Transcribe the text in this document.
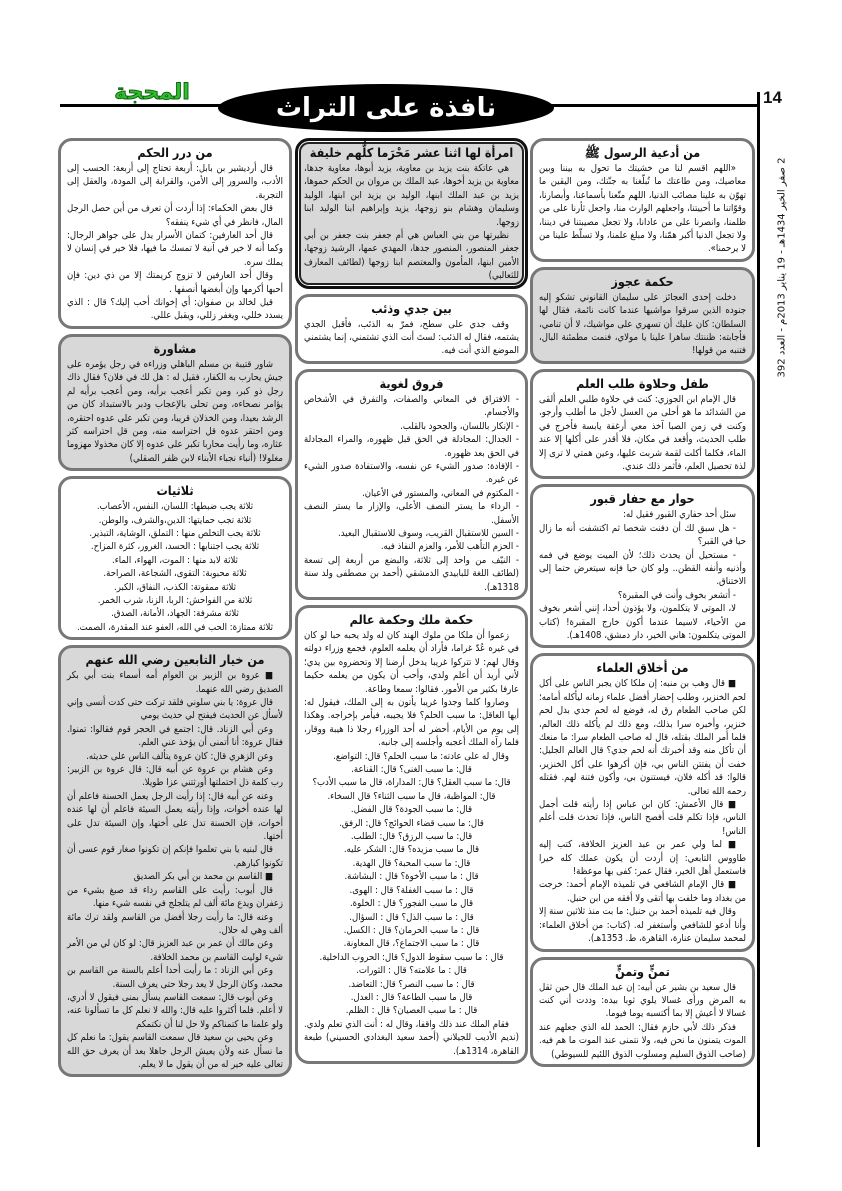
14
2 صفر الخير 1434هـ - 19 يناير 2013م - العدد 392
نافذة على التراث
المحجة
من أدعية الرسول ﷺ

«اللهم اقسم لنا من خشيتك ما تحول به بيننا وبين معاصيك، ومن طاعتك ما تُبلّغنا به جنّتك، ومن اليقين ما تهوّن به علينا مصائب الدنيا، اللهم متّعنا بأسماعنا، وأبصارنا، وقوّاتنا ما أحييتنا، واجعلهم الوارث منا، واجعل ثأرنا على من ظلمنا، وانصرنا على من عادانا، ولا تجعل مصيبتنا في ديننا، ولا تجعل الدنيا أكبر همّنا، ولا مبلغ علمنا، ولا تسلّط علينا من لا يرحمنا».

حكمة عجوز

دخلت إحدى العجائز على سليمان القانوني تشكو إليه جنوده الذين سرقوا مواشيها عندما كانت نائمة، فقال لها السلطان: كان عليك أن تسهري على مواشيك، لا أن تنامي، فأجابته: ظننتك ساهرا علينا يا مولاي، فنمت مطمئنة البال، فتنبه من قولها!

طفل وحلاوة طلب العلم

قال الإمام ابن الجوزي: كنت في حلاوة طلبي العلم ألقى من الشدائد ما هو أحلى من العسل لأجل ما أطلب وأرجو، وكنت في زمن الصبا آخذ معي أرغفة يابسة فأخرج في طلب الحديث، وأقعد في مكان، فلا أقدر على أكلها إلا عند الماء، فكلما أكلت لقمة شربت عليها، وعين همتي لا ترى إلا لذة تحصيل العلم، فأثمر ذلك عندي.

حوار مع حفار قبور

سئل أحد حفاري القبور فقيل له:

- هل سبق لك أن دفنت شخصا ثم اكتشفت أنه ما زال حيا في القبر؟

- مستحيل أن يحدث ذلك؛ لأن الميت يوضع في فمه وأذنيه وأنفه القطن.. ولو كان حيا فإنه سيتعرض حتما إلى الاختناق.

- أتشعر بخوف وأنت في المقبرة؟

لا، الموتى لا يتكلمون، ولا يؤذون أحدا، إنني أشعر بخوف من الأحياء، لاسيما عندما أكون خارج المقبرة! (كتاب الموتى يتكلمون: هاني الخير، دار دمشق، 1408هـ).

من أخلاق العلماء

■ قال وهب بن منبه: إن ملكا كان يجبر الناس على أكل لحم الخنزير، وطلب إحضار أفضل علماء زمانه ليأكله أمامه؛ لكن صاحب الطعام رق له، فوضع له لحم جدي بدل لحم خنزير، وأخبره سرا بذلك، ومع ذلك لم يأكله ذلك العالم، فلما أمر الملك بقتله، قال له صاحب الطعام سرا: ما منعك أن تأكل منه وقد أخبرتك أنه لحم جدي؟ قال العالم الجليل: خفت أن يفتتن الناس بي، فإن أكرهوا على أكل الخنزير، قالوا: قد أكله فلان، فيستنون بي، وأكون فتنة لهم. فقتله رحمه الله تعالى.

■ قال الأعمش: كان ابن عباس إذا رأيته قلت أجمل الناس، فإذا تكلم قلت أفصح الناس، فإذا تحدث قلت أعلم الناس!

■ لما ولي عمر بن عبد العزيز الخلافة، كتب إليه طاووس التابعي: إن أردت أن يكون عملك كله خيرا فاستعمل أهل الخير، فقال عمر: كفى بها موعظة!

■ قال الإمام الشافعي في تلميذه الإمام أحمد: خرجت من بغداد وما خلفت بها أتقى ولا أفقه من ابن حنبل.

وقال فيه تلميذه أحمد بن حنبل: ما بت منذ ثلاثين سنة إلا وأنا أدعو للشافعي وأستغفر له. (كتاب: من أخلاق العلماء: لمحمد سليمان عنارة، القاهرة، ط. 1353هـ).

تمنٍّ وتمنٍّ

قال سعيد بن بشير عن أبيه: إن عبد الملك قال حين ثقل به المرض ورأى غسالا يلوي ثوبا بيده: وددت أني كنت غسالا لا أعيش إلا بما أكتسبه يوما فيوما.

فذكر ذلك لأبي حازم فقال: الحمد لله الذي جعلهم عند الموت يتمنون ما نحن فيه، ولا نتمنى عند الموت ما هم فيه. (صاحب الذوق السليم ومسلوب الذوق اللئيم للسيوطي)

امرأة لها اثنا عشر مَحْرَما كلُّهم خليفة

هي عاتكة بنت يزيد بن معاوية، يزيد أبوها، معاوية جدها، معاوية بن يزيد أخوها، عبد الملك بن مروان بن الحكم حموها، يزيد بن عبد الملك ابنها، الوليد بن يزيد ابن ابنها، الوليد وسليمان وهشام بنو زوجها، يزيد وإبراهيم ابنا الوليد ابنا زوجها.

نظيرتها من بني العباس هي أم جعفر بنت جعفر بن أبي جعفر المنصور، المنصور جدها، المهدي عمها، الرشيد زوجها، الأمين ابنها، المأمون والمعتصم ابنا زوجها (لطائف المعارف للثعالبي)

بين جدي وذئب

وقف جدي على سطح، فمرّ به الذئب، فأقبل الجدي يشتمه، فقال له الذئب: لستَ أنت الذي تشتمني، إنما يشتمني الموضع الذي أنت فيه.

فروق لغوية

- الافتراق في المعاني والصفات، والتفرق في الأشخاص والأجسام.

- الإنكار باللسان، والجحود بالقلب.

- الجدال: المجادلة في الحق قبل ظهوره، والمراء المجادلة في الحق بعد ظهوره.

- الإفادة: صدور الشيء عن نفسه، والاستفادة صدور الشيء عن غيره.

- المكتوم في المعاني، والمستور في الأعيان.

- الرداء ما يستر النصف الأعلى، والإزار ما يستر النصف الأسفل.

- السين للاستقبال القريب، وسوف للاستقبال البعيد.

- الحزم التأهب للأمر، والعزم النفاذ فيه.

- النيّف من واحد إلى ثلاثة، والبضع من أربعة إلى تسعة (لطائف اللغة للبابيدي الدمشقي (أحمد بن مصطفى ولد سنة 1318هـ).

حكمة ملك وحكمة عالم

زعموا أن ملكا من ملوك الهند كان له ولد يحبه حبا لو كان في غيره عُدّ غراما، فأراد أن يعلمه العلوم، فجمع وزراء دولته وقال لهم: لا تتركوا غريبا يدخل أرضنا إلا وتحضروه بين يدي؛ لأني أريد أن أعلم ولدي، وأحب أن يكون من يعلمه حكيما عارفا بكثير من الأمور. فقالوا: سمعا وطاعة.

وصاروا كلما وجدوا غريبا يأتون به إلى الملك، فيقول له: أيها العاقل: ما سبب الحلم؟ فلا يجيبه، فيأمر بإخراجه. وهكذا إلى يوم من الأيام، أحضر له أحد الوزراء رجلا ذا هيبة ووقار، فلما رآه الملك أعجبه وأجلسه إلى جانبه.

وقال له على عادته: ما سبب الحلم؟ قال: التواضع.

قال: ما سبب الغنى؟ قال: القناعة.

قال: ما سبب العقل؟ قال: المداراة، قال ما سبب الأدب؟

قال: المواظبة، قال ما سبب الثناء؟ قال السخاء.

قال: ما سبب الجودة؟ قال الفضل.

قال: ما سبب قضاء الحوائج؟ قال: الرفق.

قال: ما سبب الرزق؟ قال: الطلب.

قال ما سبب مزيده؟ قال: الشكر عليه.

قال: ما سبب المحبة؟ قال الهدية.

قال : ما سبب الأخوة؟ قال : البشاشة.

قال : ما سبب الغفلة؟ قال : الهوى.

قال ما سبب الفجور؟ قال : الخلوة.

قال : ما سبب الذل؟ قال : السؤال.

قال : ما سبب الحرمان؟ قال : الكسل.

قال : ما سبب الاجتماع؟، قال المعاونة.

قال : ما سبب سقوط الدول؟ قال: الحروب الداخلية.

قال : ما علامته؟ قال : الثورات.

قال : ما سبب النصر؟ قال: التعاضد.

قال ما سبب الطاعة؟ قال : العدل.

قال : ما سبب العصيان؟ قال : الظلم.

فقام الملك عند ذلك واقفا، وقال له : أنت الذي تعلم ولدي.(نديم الأديب للجيلاني (أحمد سعيد البغدادي الحسيني) طبعة القاهرة، 1314هـ).

من درر الحكم

قال أرديشير بن بابل: أربعة تحتاج إلى أربعة: الحسب إلى الأدب، والسرور إلى الأمن، والقرابة إلى المودة، والعقل إلى التجربة.

قال بعض الحكماء: إذا أردت أن تعرف من أين حصل الرجل المال، فانظر في أي شيء ينفقه؟

قال أحد العارفين: كتمان الأسرار يدل على جواهر الرجال: وكما أنه لا خير في آنية لا تمسك ما فيها، فلا خير في إنسان لا يملك سره.

وقال أحد العارفين لا تزوج كريمتك إلا من ذي دين: فإن أحبها أكرمها وإن أبغضها أنصفها .

قيل لخالد بن صفوان: أي إخوانك أحب إليك؟ قال : الذي يسدد خللي، ويغفر زللي، ويقبل عللي.

مشاورة

شاور قتيبة بن مسلم الباهلي وزراءه في رجل يؤمره على جيش يحارب به الكفار، فقيل له : هل لك في فلان؟ فقال ذاك رجل ذو كبر، ومن تكبر أعجب برأيه، ومن أعجب برأيه لم يؤامر نصحاءه، ومن تحلى بالإعجاب ودبر بالاستبداد كان من الرشد بعيدا، ومن الخذلان قريبا، ومن تكبر على عدوه احتقره، ومن احتقر عدوه قل احتراسه منه، ومن قل احتراسه كثر عثاره، وما رأيت محاربا تكبر على عدوه إلا كان مخذولا مهزوما مغلولا! (أنباء نجباء الأبناء لابن ظفر الصقلي)

ثلاثيات

ثلاثة يجب ضبطها: اللسان، النفس، الأعصاب.

ثلاثة تجب حمايتها: الدين،والشرف، والوطن.

ثلاثة يجب التخلص منها : التملق، الوشاية، التبذير.

ثلاثة يجب اجتنابها : الحسد، الغرور، كثرة المزاح.

ثلاثة لابد منها : الموت، الهواء، الماء.

ثلاثة محبوبة: التقوى، الشجاعة، الصراحة.

ثلاثة ممقوتة: الكذب، النفاق، الكبر.

ثلاثة من الفواحش: الربا، الزنا، شرب الخمر.

ثلاثة مشرفة: الجهاد، الأمانة، الصدق.

ثلاثة ممتازة: الحب في الله، العفو عند المقدرة، الصمت.

من خيار التابعين رضي الله عنهم

■ عروة بن الزبير بن العوام أمه أسماء بنت أبي بكر الصديق رضي الله عنهما.

قال عروة: يا بني سلوني فلقد تركت حتى كدت أنسى وإني لأسأل عن الحديث فيفتح لي حديث يومي

وعن أبي الزناد. قال: اجتمع في الحجر قوم فقالوا: تمنوا. فقال عروة: أنا أتمنى أن يؤخذ عني العلم.

وعن الزهري قال: كان عروة يتألف الناس على حديثه.

وعن هشام بن عروة عن أبيه قال: قال عروة بن الزبير: رب كلمة ذل احتملتها أورثتني عزا طويلا.

وعنه عن أبيه قال: إذا رأيت الرجل يعمل الحسنة فاعلم أن لها عنده أخوات، وإذا رأيته يعمل السيئة فاعلم أن لها عنده أخوات، فإن الحسنة تدل على أختها، وإن السيئة تدل على أختها.

قال لبنيه يا بني تعلموا فإنكم إن تكونوا صغار قوم عسى أن تكونوا كبارهم.

■ القاسم بن محمد بن أبي بكر الصديق

قال أيوب: رأيت على القاسم رداء قد صبغ بشيء من زعفران ويدع مائة ألف لم يتلجلج في نفسه شيء منها.

وعنه قال: ما رأيت رجلا أفضل من القاسم ولقد ترك مائة ألف وهي له حلال.

وعن مالك أن عمر بن عبد العزيز قال: لو كان لي من الأمر شيء لوليت القاسم بن محمد الخلافة.

وعن أبي الزناد : ما رأيت أحدا أعلم بالسنة من القاسم بن محمد، وكان الرجل لا يعد رجلا حتى يعرف السنة.

وعن أيوب قال: سمعت القاسم يسأل بمنى فيقول لا أدري، لا أعلم. فلما أكثروا عليه قال: والله لا نعلم كل ما تسألونا عنه، ولو علمنا ما كتمناكم ولا حل لنا أن نكتمكم

وعن يحيى بن سعيد قال سمعت القاسم يقول: ما نعلم كل ما نسأل عنه ولأن يعيش الرجل جاهلا بعد أن يعرف حق الله تعالى عليه خير له من أن يقول ما لا يعلم.
